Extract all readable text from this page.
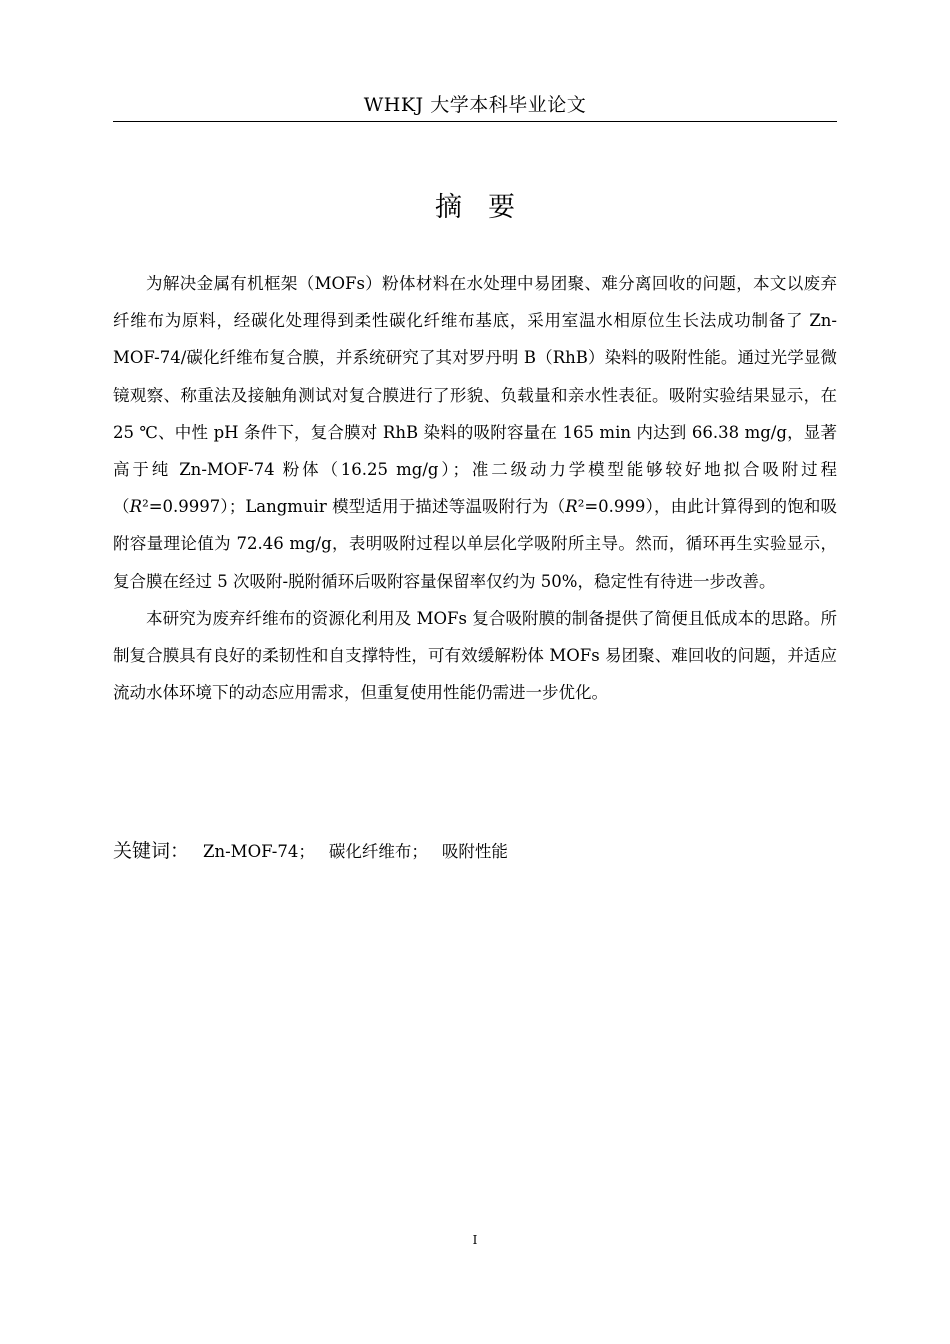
WHKJ 大学本科毕业论文
摘要

为解决金属有机框架（MOFs）粉体材料在水处理中易团聚、难分离回收的问题，本文以废弃纤维布为原料，经碳化处理得到柔性碳化纤维布基底，采用室温水相原位生长法成功制备了 Zn-MOF-74/碳化纤维布复合膜，并系统研究了其对罗丹明 B（RhB）染料的吸附性能。通过光学显微镜观察、称重法及接触角测试对复合膜进行了形貌、负载量和亲水性表征。吸附实验结果显示，在 25 ℃、中性 pH 条件下，复合膜对 RhB 染料的吸附容量在 165 min 内达到 66.38 mg/g，显著高于纯 Zn-MOF-74 粉体（16.25 mg/g）；准二级动力学模型能够较好地拟合吸附过程（R²=0.9997）；Langmuir 模型适用于描述等温吸附行为（R²=0.999），由此计算得到的饱和吸附容量理论值为 72.46 mg/g，表明吸附过程以单层化学吸附所主导。然而，循环再生实验显示，复合膜在经过 5 次吸附-脱附循环后吸附容量保留率仅约为 50%，稳定性有待进一步改善。

本研究为废弃纤维布的资源化利用及 MOFs 复合吸附膜的制备提供了简便且低成本的思路。所制复合膜具有良好的柔韧性和自支撑特性，可有效缓解粉体 MOFs 易团聚、难回收的问题，并适应流动水体环境下的动态应用需求，但重复使用性能仍需进一步优化。

关键词： Zn-MOF-74； 碳化纤维布； 吸附性能
I
